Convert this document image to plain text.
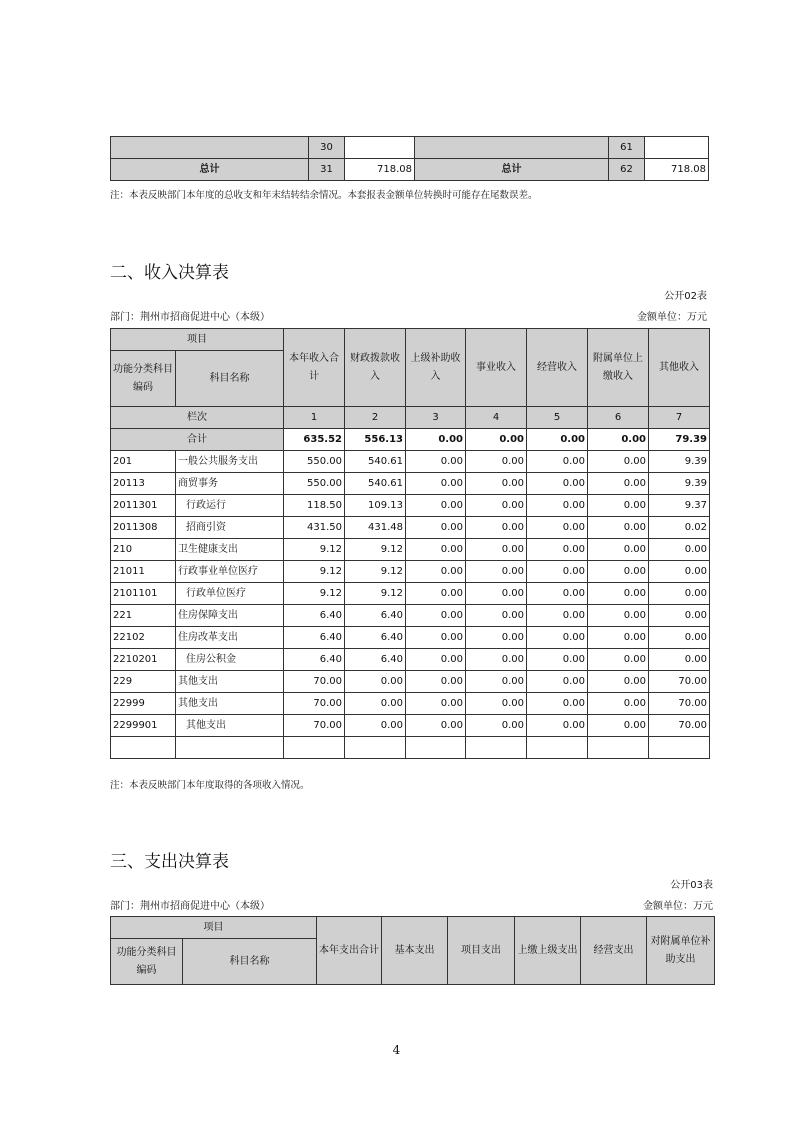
	30			61	
总计	31	718.08	总计	62	718.08
注：本表反映部门本年度的总收支和年末结转结余情况。本套报表金额单位转换时可能存在尾数误差。
二、收入决算表
公开02表
部门：荆州市招商促进中心（本级）	金额单位：万元
项目		本年收入合计	财政拨款收入	上级补助收入	事业收入	经营收入	附属单位上缴收入	其他收入
功能分类科目编码	科目名称							
栏次		1	2	3	4	5	6	7
合计		635.52	556.13	0.00	0.00	0.00	0.00	79.39
201	一般公共服务支出	550.00	540.61	0.00	0.00	0.00	0.00	9.39
20113	商贸事务	550.00	540.61	0.00	0.00	0.00	0.00	9.39
2011301	行政运行	118.50	109.13	0.00	0.00	0.00	0.00	9.37
2011308	招商引资	431.50	431.48	0.00	0.00	0.00	0.00	0.02
210	卫生健康支出	9.12	9.12	0.00	0.00	0.00	0.00	0.00
21011	行政事业单位医疗	9.12	9.12	0.00	0.00	0.00	0.00	0.00
2101101	行政单位医疗	9.12	9.12	0.00	0.00	0.00	0.00	0.00
221	住房保障支出	6.40	6.40	0.00	0.00	0.00	0.00	0.00
22102	住房改革支出	6.40	6.40	0.00	0.00	0.00	0.00	0.00
2210201	住房公积金	6.40	6.40	0.00	0.00	0.00	0.00	0.00
229	其他支出	70.00	0.00	0.00	0.00	0.00	0.00	70.00
22999	其他支出	70.00	0.00	0.00	0.00	0.00	0.00	70.00
2299901	其他支出	70.00	0.00	0.00	0.00	0.00	0.00	70.00

注：本表反映部门本年度取得的各项收入情况。
三、支出决算表
公开03表
部门：荆州市招商促进中心（本级）	金额单位：万元
项目		本年支出合计	基本支出	项目支出	上缴上级支出	经营支出	对附属单位补助支出
功能分类科目编码	科目名称						
4
